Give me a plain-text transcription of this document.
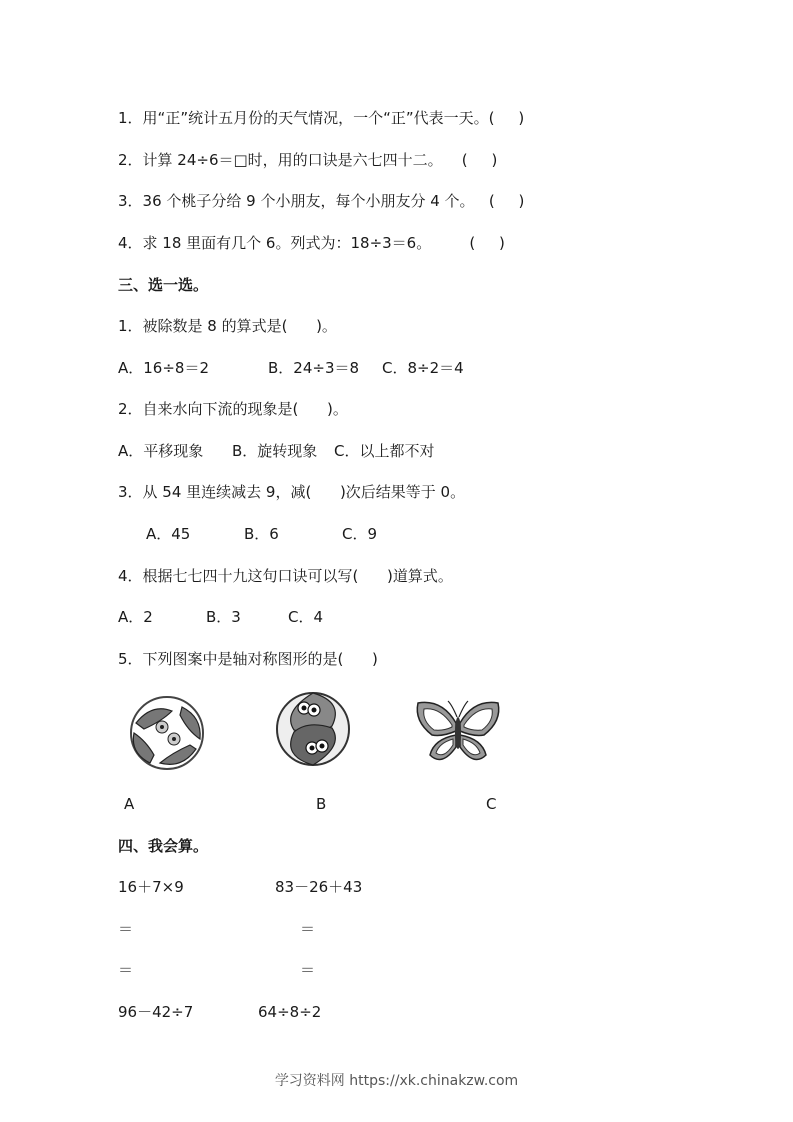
1．用“正”统计五月份的天气情况，一个“正”代表一天。(     )
2．计算 24÷6＝□时，用的口诀是六七四十二。    (     )
3．36 个桃子分给 9 个小朋友，每个小朋友分 4 个。   (     )
4．求 18 里面有几个 6。列式为：18÷3＝6。        (     )
三、选一选。
1．被除数是 8 的算式是(      )。
A．16÷8＝2	B．24÷3＝8 C．8÷2＝4
2．自来水向下流的现象是(      )。
A．平移现象 B．旋转现象 C．以上都不对
3．从 54 里连续减去 9，减(      )次后结果等于 0。
A．45	B．6	C．9
4．根据七七四十九这句口诀可以写(      )道算式。
A．2	B．3	C．4
5．下列图案中是轴对称图形的是(      )
A	B	C
四、我会算。
16＋7×9	83－26＋43
＝	＝
＝	＝
96－42÷7	64÷8÷2
学习资料网 https://xk.chinakzw.com
